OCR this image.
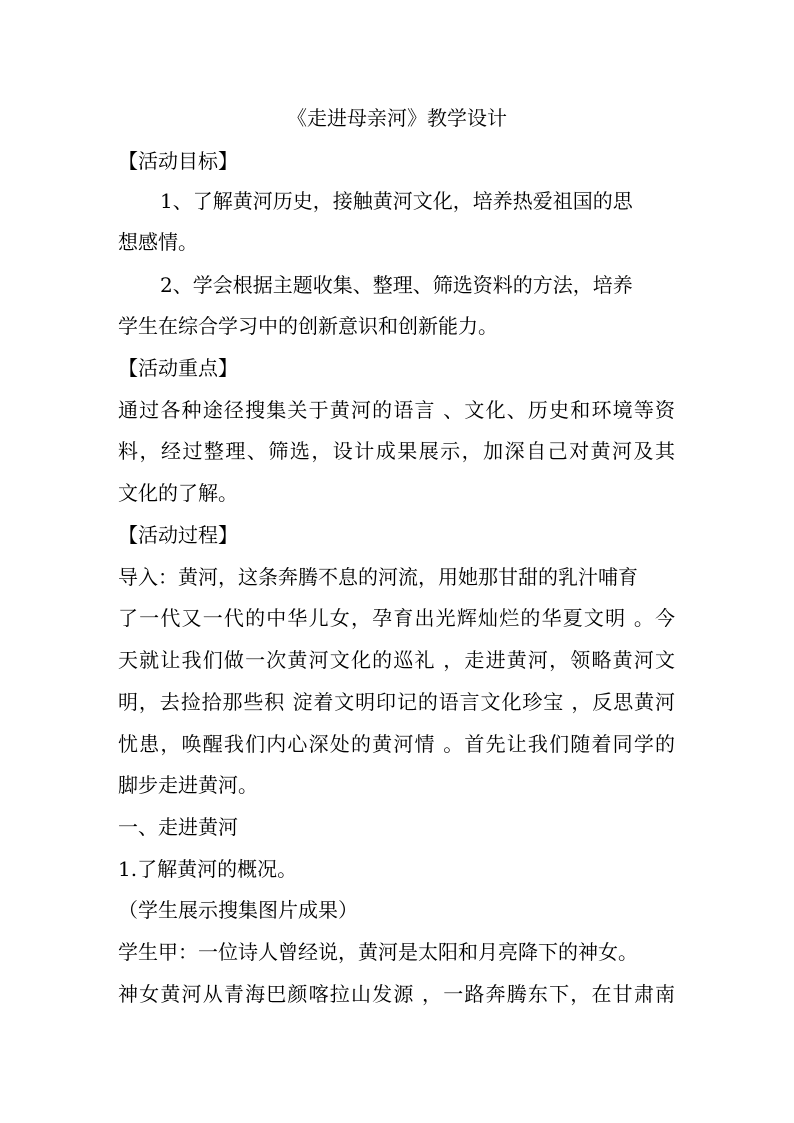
《走进母亲河》教学设计
【活动目标】
1、了解黄河历史，接触黄河文化，培养热爱祖国的思
想感情。
2、学会根据主题收集、整理、筛选资料的方法，培养
学生在综合学习中的创新意识和创新能力。
【活动重点】
通过各种途径搜集关于黄河的语言 、文化、历史和环境等资
料，经过整理、筛选，设计成果展示，加深自己对黄河及其
文化的了解。
【活动过程】
导入：黄河，这条奔腾不息的河流，用她那甘甜的乳汁哺育
了一代又一代的中华儿女，孕育出光辉灿烂的华夏文明 。今
天就让我们做一次黄河文化的巡礼 ，走进黄河，领略黄河文
明，去捡拾那些积 淀着文明印记的语言文化珍宝 ，反思黄河
忧患，唤醒我们内心深处的黄河情 。首先让我们随着同学的
脚步走进黄河。
一、走进黄河
1.了解黄河的概况。
（学生展示搜集图片成果）
学生甲：一位诗人曾经说，黄河是太阳和月亮降下的神女。
神女黄河从青海巴颜喀拉山发源 ，一路奔腾东下，在甘肃南
